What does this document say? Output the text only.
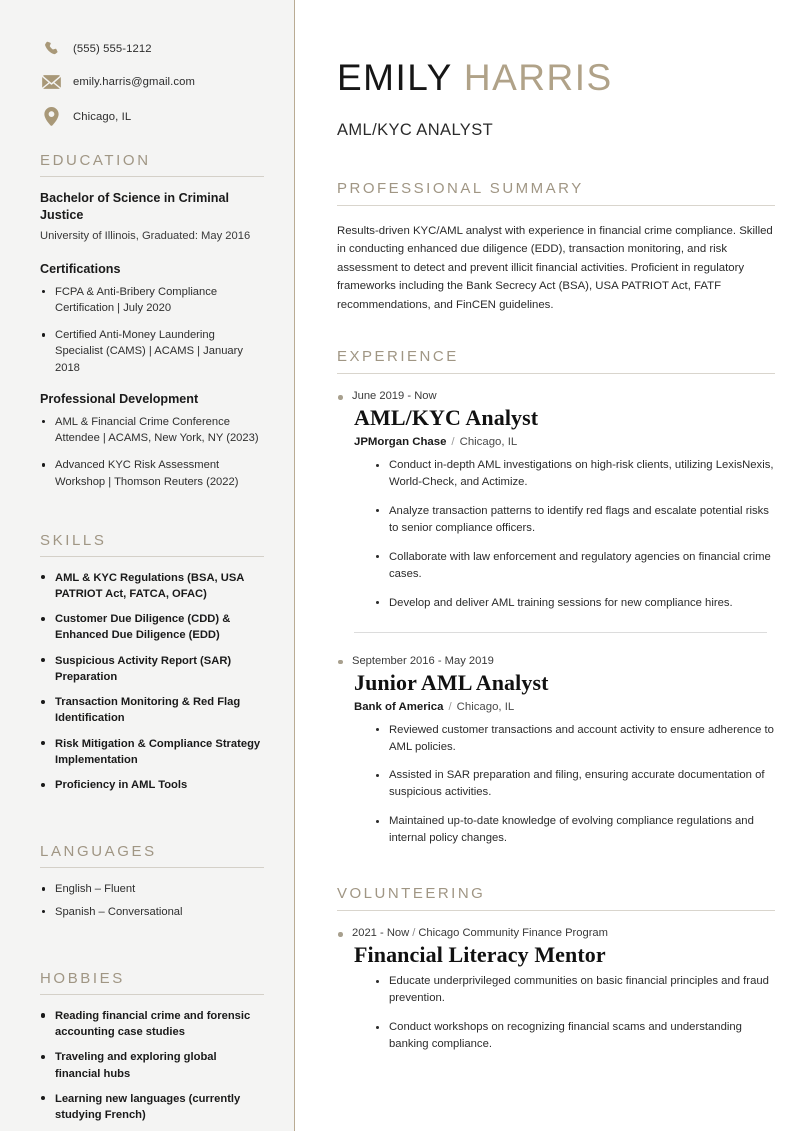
(555) 555-1212
emily.harris@gmail.com
Chicago, IL
EDUCATION
Bachelor of Science in Criminal Justice
University of Illinois, Graduated: May 2016
Certifications
FCPA & Anti-Bribery Compliance Certification | July 2020
Certified Anti-Money Laundering Specialist (CAMS) | ACAMS | January 2018
Professional Development
AML & Financial Crime Conference Attendee | ACAMS, New York, NY (2023)
Advanced KYC Risk Assessment Workshop | Thomson Reuters (2022)
SKILLS
AML & KYC Regulations (BSA, USA PATRIOT Act, FATCA, OFAC)
Customer Due Diligence (CDD) & Enhanced Due Diligence (EDD)
Suspicious Activity Report (SAR) Preparation
Transaction Monitoring & Red Flag Identification
Risk Mitigation & Compliance Strategy Implementation
Proficiency in AML Tools
LANGUAGES
English – Fluent
Spanish – Conversational
HOBBIES
Reading financial crime and forensic accounting case studies
Traveling and exploring global financial hubs
Learning new languages (currently studying French)
EMILY HARRIS
AML/KYC ANALYST
PROFESSIONAL SUMMARY

Results-driven KYC/AML analyst with experience in financial crime compliance. Skilled in conducting enhanced due diligence (EDD), transaction monitoring, and risk assessment to detect and prevent illicit financial activities. Proficient in regulatory frameworks including the Bank Secrecy Act (BSA), USA PATRIOT Act, FATF recommendations, and FinCEN guidelines.

EXPERIENCE
June 2019 - Now
AML/KYC Analyst
JPMorgan Chase / Chicago, IL
Conduct in-depth AML investigations on high-risk clients, utilizing LexisNexis, World-Check, and Actimize.
Analyze transaction patterns to identify red flags and escalate potential risks to senior compliance officers.
Collaborate with law enforcement and regulatory agencies on financial crime cases.
Develop and deliver AML training sessions for new compliance hires.
September 2016 - May 2019
Junior AML Analyst
Bank of America / Chicago, IL
Reviewed customer transactions and account activity to ensure adherence to AML policies.
Assisted in SAR preparation and filing, ensuring accurate documentation of suspicious activities.
Maintained up-to-date knowledge of evolving compliance regulations and internal policy changes.
VOLUNTEERING
2021 - Now / Chicago Community Finance Program
Financial Literacy Mentor
Educate underprivileged communities on basic financial principles and fraud prevention.
Conduct workshops on recognizing financial scams and understanding banking compliance.
